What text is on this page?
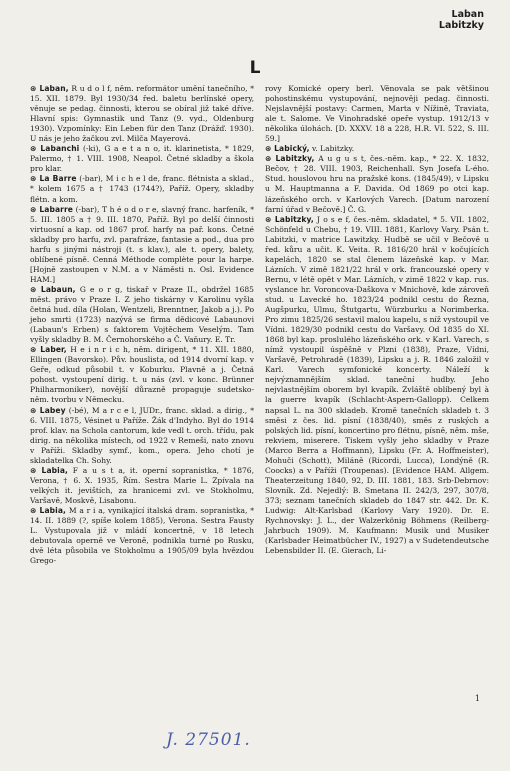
Laban
Labitzky
L

⊛ Laban, R u d o l f, něm. reformátor umění tanečního, * 15. XII. 1879. Byl 1930/34 řed. baletu berlínské opery, věnuje se pedag. činnosti, kterou se obíral již také dříve. Hlavní spis: Gymnastik und Tanz (9. vyd., Oldenburg 1930). Vzpomínky: Ein Leben für den Tanz (Drážď. 1930). U nás je jeho žačkou zvl. Milča Mayerová.

⊛ Labanchi (-ki), G a e t a n o, it. klarinetista, * 1829, Palermo, † 1. VIII. 1908, Neapol. Četné skladby a škola pro klar.

⊛ La Barre (-bar), M i c h e l de, franc. flétnista a sklad., * kolem 1675 a † 1743 (1744?), Paříž. Opery, skladby flétn. a kom.

⊛ Labarre (-bar), T h é o d o r e, slavný franc. harfeník, * 5. III. 1805 a † 9. III. 1870, Paříž. Byl po delší činnosti virtuosní a kap. od 1867 prof. harfy na pař. kons. Četné skladby pro harfu, zvl. parafráze, fantasie a pod., dua pro harfu s jinými nástroji (t. s klav.), ale t. opery, balety, oblíbené písně. Cenná Méthode complète pour la harpe. [Hojně zastoupen v N.M. a v Náměsti n. Osl. Evidence HAM.]

⊛ Labaun, G e o r g, tiskař v Praze II., obdržel 1685 měst. právo v Praze I. Z jeho tiskárny v Karolinu vyšla četná hud. díla (Holan, Wentzeli, Brenntner, Jakob a j.). Po jeho smrti (1723) nazývá se firma dědicové Labaunovi (Labaun's Erben) s faktorem Vojtěchem Veselým. Tam vyšly skladby B. M. Černohorského a Č. Vaňury. E. Tr.

⊛ Laber, H e i n r i c h, něm. dirigent, * 11. XII. 1880, Ellingen (Bavorsko). Pův. houslista, od 1914 dvorní kap. v Geře, odkud působil t. v Koburku. Plavně a j. Četná pohost. vystoupení dirig. t. u nás (zvl. v konc. Brünner Philharmoniker), novější důrazně propaguje sudetsko-něm. tvorbu v Německu.

⊛ Labey (-bé), M a r c e l, JUDr., franc. sklad. a dirig., * 6. VIII. 1875, Vésinet u Paříže. Žák d'Indyho. Byl do 1914 prof. klav. na Schola cantorum, kde vedl t. orch. třídu, pak dirig. na několika místech, od 1922 v Remeši, nato znovu v Paříži. Skladby symf., kom., opera. Jeho chotí je skladatelka Ch. Sohy.

⊛ Labia, F a u s t a, it. operní sopranistka, * 1876, Verona, † 6. X. 1935, Řím. Sestra Marie L. Zpívala na velkých it. jevištích, za hranicemi zvl. ve Stokholmu, Varšavě, Moskvě, Lisabonu.

⊛ Labia, M a r i a, vynikající italská dram. sopranistka, * 14. II. 1889 (?, spíše kolem 1885), Verona. Sestra Fausty L. Vystupovala již v mládí koncertně, v 18 letech debutovala operně ve Veroně, podnikla turné po Rusku, dvě léta působila ve Stokholmu a 1905/09 byla hvězdou Grego-

rovy Komické opery berl. Věnovala se pak většinou pohostinskému vystupování, nejnověji pedag. činnosti. Nejslavnější postavy: Carmen, Marta v Nížině, Traviata, ale t. Salome. Ve Vinohradské opeře vystup. 1912/13 v několika úlohách. [D. XXXV. 18 a 228, H.R. VI. 522, S. III. 59.]

⊛ Labický, v. Labitzky.

⊛ Labitzky, A u g u s t, čes.-něm. kap., * 22. X. 1832, Bečov, † 28. VIII. 1903, Reichenhall. Syn Josefa L-ého. Stud. houslovou hru na pražské kons. (1845/49), v Lipsku u M. Hauptmanna a F. Davida. Od 1869 po otci kap. lázeňského orch. v Karlových Varech. [Datum narození farní úřad v Bečově.] Č. G.

⊛ Labitzky, J o s e f, čes.-něm. skladatel, * 5. VII. 1802, Schönfeld u Chebu, † 19. VIII. 1881, Karlovy Vary. Psán t. Labitzki, v matrice Lawitzky. Hudbě se učil v Bečově u řed. kůru a učit. K. Veita. R. 1816/20 hrál v kočujících kapelách, 1820 se stal členem lázeňské kap. v Mar. Lázních. V zimě 1821/22 hrál v ork. francouzské opery v Bernu, v létě opět v Mar. Lázních, v zimě 1822 v kap. rus. vyslance hr. Voroncova-Daškova v Mnichově, kde zároveň stud. u Lavecké ho. 1823/24 podnikl cestu do Řezna, Augšpurku, Ulmu, Štutgartu, Würzburku a Norimberka. Pro zimu 1825/26 sestavil malou kapelu, s níž vystoupil ve Vídni. 1829/30 podnikl cestu do Varšavy. Od 1835 do XI. 1868 byl kap. proslulého lázeňského ork. v Karl. Varech, s nímž vystoupil úspěšně v Plzni (1838), Praze, Vídni, Varšavě, Petrohradě (1839), Lipsku a j. R. 1846 založil v Karl. Varech symfonické koncerty. Náleží k nejvýznamnějším sklad. taneční hudby. Jeho nejvlastnějším oborem byl kvapík. Zvláště oblíbený byl à la guerre kvapík (Schlacht-Aspern-Gallopp). Celkem napsal L. na 300 skladeb. Kromě tanečních skladeb t. 3 směsi z čes. lid. písní (1838/40), směs z ruských a polských lid. písní, koncertino pro flétnu, písně, něm. mše, rekviem, miserere. Tiskem vyšly jeho skladby v Praze (Marco Berra a Hoffmann), Lipsku (Fr. A. Hoffmeister), Mohuči (Schott), Miláně (Ricordi, Lucca), Londýně (R. Coocks) a v Paříži (Troupenas). [Evidence HAM. Allgem. Theaterzeitung 1840, 92, D. III. 1881, 183. Srb-Debrnov: Slovník. Zd. Nejedlý: B. Smetana II. 242/3, 297, 307/8, 373; seznam tanečních skladeb do 1847 str. 442. Dr. K. Ludwig: Alt-Karlsbad (Karlovy Vary 1920). Dr. E. Rychnovsky: J. L., der Walzerkönig Böhmens (Reilberg-Jahrbuch 1909). M. Kaufmann: Musik und Musiker (Karlsbader Heimatbücher IV., 1927) a v Sudetendeutsche Lebensbilder II. (E. Gierach, Li-

1
J. 27501.
